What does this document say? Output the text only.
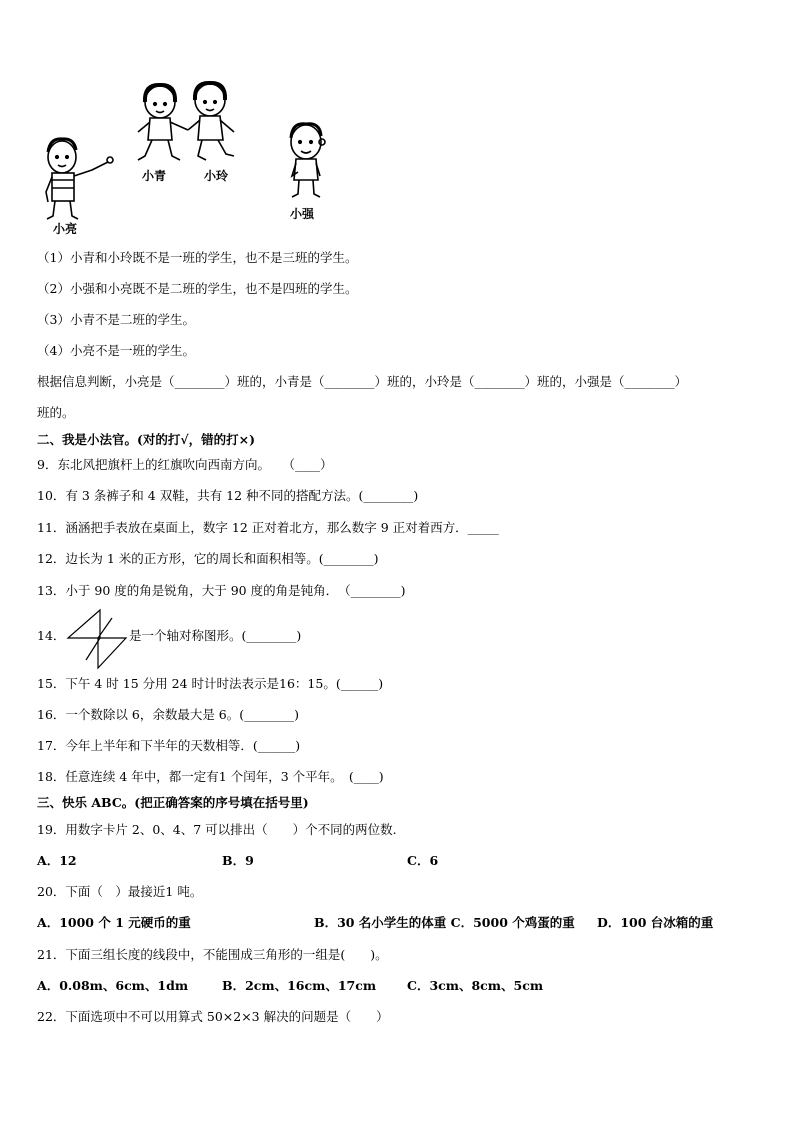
小亮
小青	小玲
小强
（1）小青和小玲既不是一班的学生，也不是三班的学生。
（2）小强和小亮既不是二班的学生，也不是四班的学生。
（3）小青不是二班的学生。
（4）小亮不是一班的学生。
根据信息判断，小亮是（________）班的，小青是（________）班的，小玲是（________）班的，小强是（________）
班的。
二、我是小法官。(对的打√，错的打×)
9．东北风把旗杆上的红旗吹向西南方向。　　（____）
10．有 3 条裤子和 4 双鞋，共有 12 种不同的搭配方法。(________)
11．涵涵把手表放在桌面上，数字 12 正对着北方，那么数字 9 正对着西方．_____
12．边长为 1 米的正方形，它的周长和面积相等。(________)
13．小于 90 度的角是锐角，大于 90 度的角是钝角．　（________)
14．	是一个轴对称图形。(________)
15．下午 4 时 15 分用 24 时计时法表示是16：15。(______)
16．一个数除以 6，余数最大是 6。(________)
17．今年上半年和下半年的天数相等．(______)
18．任意连续 4 年中，都一定有1 个闰年，3 个平年。　(____)
三、快乐 ABC。(把正确答案的序号填在括号里)
19．用数字卡片 2、0、4、7 可以排出（　　）个不同的两位数.
A．12	B．9	C．6
20．下面（　）最接近1 吨。
A．1000 个 1 元硬币的重	B．30 名小学生的体重 C．5000 个鸡蛋的重 D．100 台冰箱的重
21．下面三组长度的线段中，不能围成三角形的一组是(　　)。
A．0.08m、6cm、1dm	B．2cm、16cm、17cm C．3cm、8cm、5cm
22．下面选项中不可以用算式 50×2×3 解决的问题是（　　）
